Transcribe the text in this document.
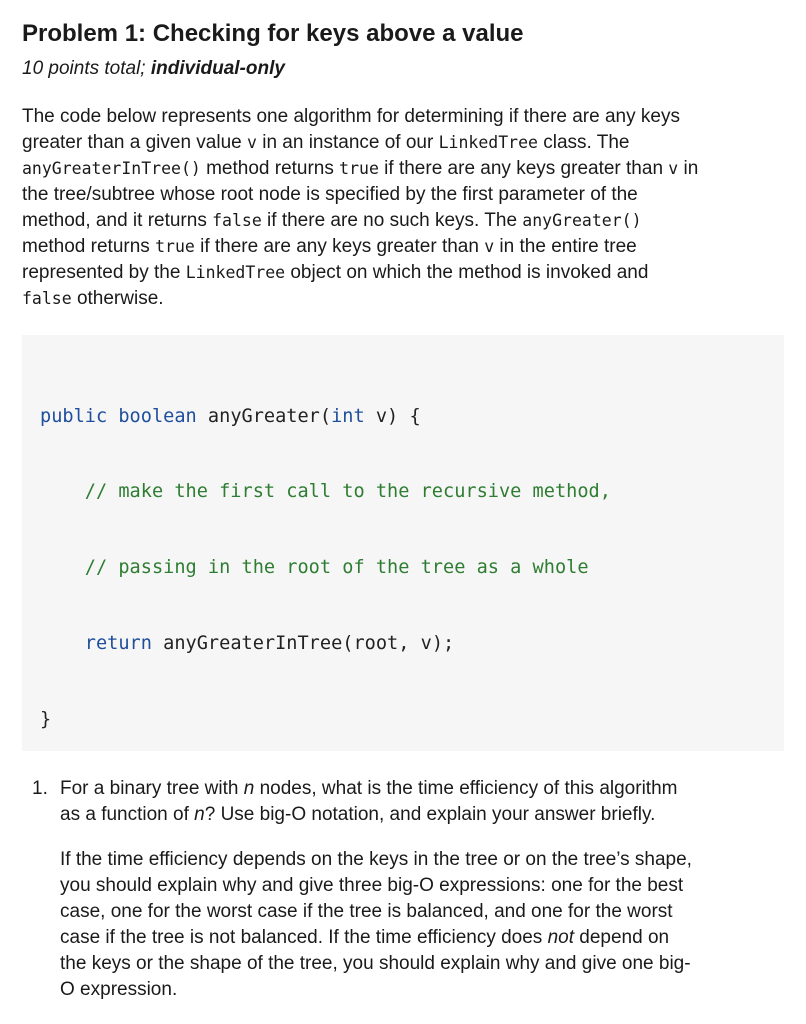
Problem 1: Checking for keys above a value
10 points total; individual-only
The code below represents one algorithm for determining if there are any keys
greater than a given value v in an instance of our LinkedTree class. The
anyGreaterInTree() method returns true if there are any keys greater than v in
the tree/subtree whose root node is specified by the first parameter of the
method, and it returns false if there are no such keys. The anyGreater()
method returns true if there are any keys greater than v in the entire tree
represented by the LinkedTree object on which the method is invoked and
false otherwise.

public boolean anyGreater(int v) {

// make the first call to the recursive method,

// passing in the root of the tree as a whole

return anyGreaterInTree(root, v);

}

1. For a binary tree with n nodes, what is the time efficiency of this algorithm
as a function of n? Use big-O notation, and explain your answer briefly.
If the time efficiency depends on the keys in the tree or on the tree’s shape,
you should explain why and give three big-O expressions: one for the best
case, one for the worst case if the tree is balanced, and one for the worst
case if the tree is not balanced. If the time efficiency does not depend on
the keys or the shape of the tree, you should explain why and give one big-
O expression.
